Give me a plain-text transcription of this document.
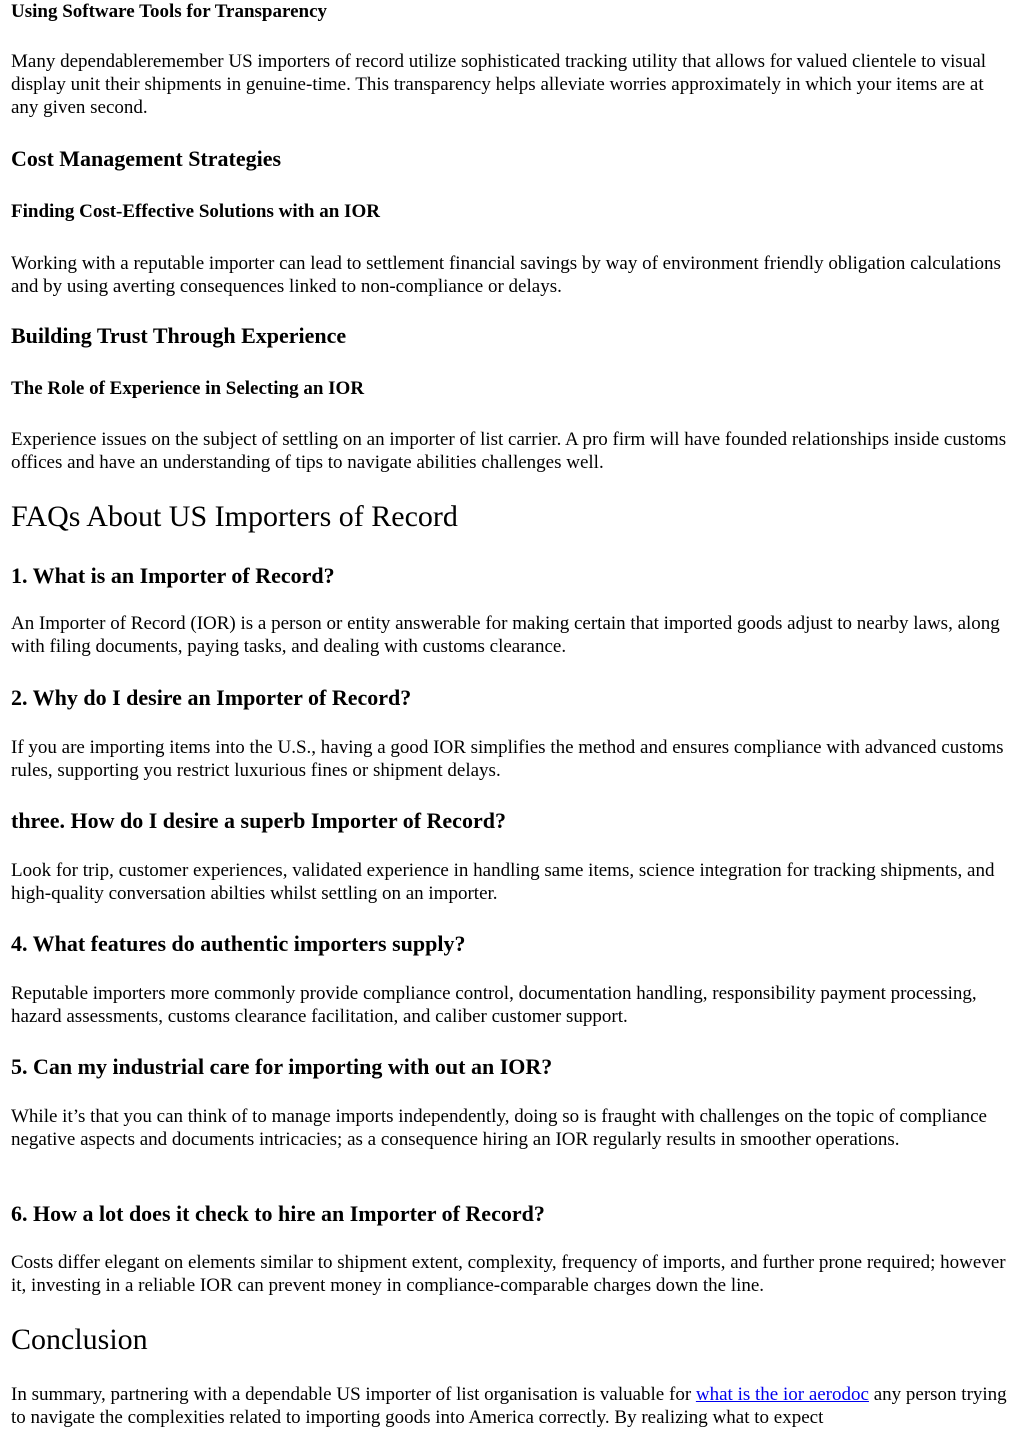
Using Software Tools for Transparency

Many dependableremember US importers of record utilize sophisticated tracking utility that allows for valued clientele to visual display unit their shipments in genuine-time. This transparency helps alleviate worries approximately in which your items are at any given second.

Cost Management Strategies
Finding Cost-Effective Solutions with an IOR

Working with a reputable importer can lead to settlement financial savings by way of environment friendly obligation calculations and by using averting consequences linked to non-compliance or delays.

Building Trust Through Experience
The Role of Experience in Selecting an IOR

Experience issues on the subject of settling on an importer of list carrier. A pro firm will have founded relationships inside customs offices and have an understanding of tips to navigate abilities challenges well.

FAQs About US Importers of Record
1. What is an Importer of Record?

An Importer of Record (IOR) is a person or entity answerable for making certain that imported goods adjust to nearby laws, along with filing documents, paying tasks, and dealing with customs clearance.

2. Why do I desire an Importer of Record?

If you are importing items into the U.S., having a good IOR simplifies the method and ensures compliance with advanced customs rules, supporting you restrict luxurious fines or shipment delays.

three. How do I desire a superb Importer of Record?

Look for trip, customer experiences, validated experience in handling same items, science integration for tracking shipments, and high-quality conversation abilties whilst settling on an importer.

4. What features do authentic importers supply?

Reputable importers more commonly provide compliance control, documentation handling, responsibility payment processing, hazard assessments, customs clearance facilitation, and caliber customer support.

5. Can my industrial care for importing with out an IOR?

While it’s that you can think of to manage imports independently, doing so is fraught with challenges on the topic of compliance negative aspects and documents intricacies; as a consequence hiring an IOR regularly results in smoother operations.

6. How a lot does it check to hire an Importer of Record?

Costs differ elegant on elements similar to shipment extent, complexity, frequency of imports, and further prone required; however it, investing in a reliable IOR can prevent money in compliance-comparable charges down the line.

Conclusion

In summary, partnering with a dependable US importer of list organisation is valuable for what is the ior aerodoc any person trying to navigate the complexities related to importing goods into America correctly. By realizing what to expect
